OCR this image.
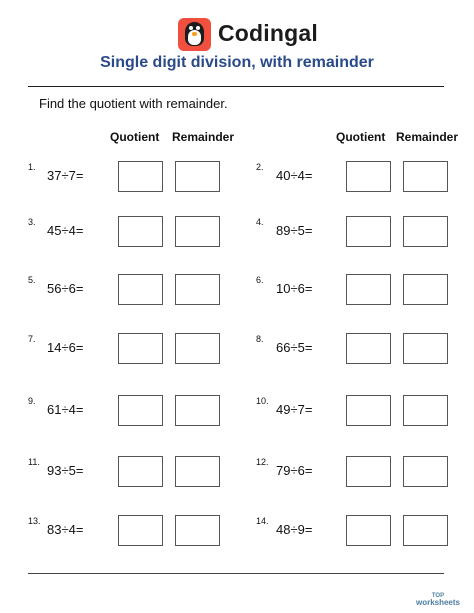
Codingal
Single digit division, with remainder
Find the quotient with remainder.
Quotient Remainder	Quotient Remainder
1.
37÷7=
3.
45÷4=
5.
56÷6=
7.
14÷6=
9.
61÷4=
11.
93÷5=
13.
83÷4=
2.
40÷4=
4.
89÷5=
6.
10÷6=
8.
66÷5=
10.
49÷7=
12.
79÷6=
14.
48÷9=
TOP
worksheets
